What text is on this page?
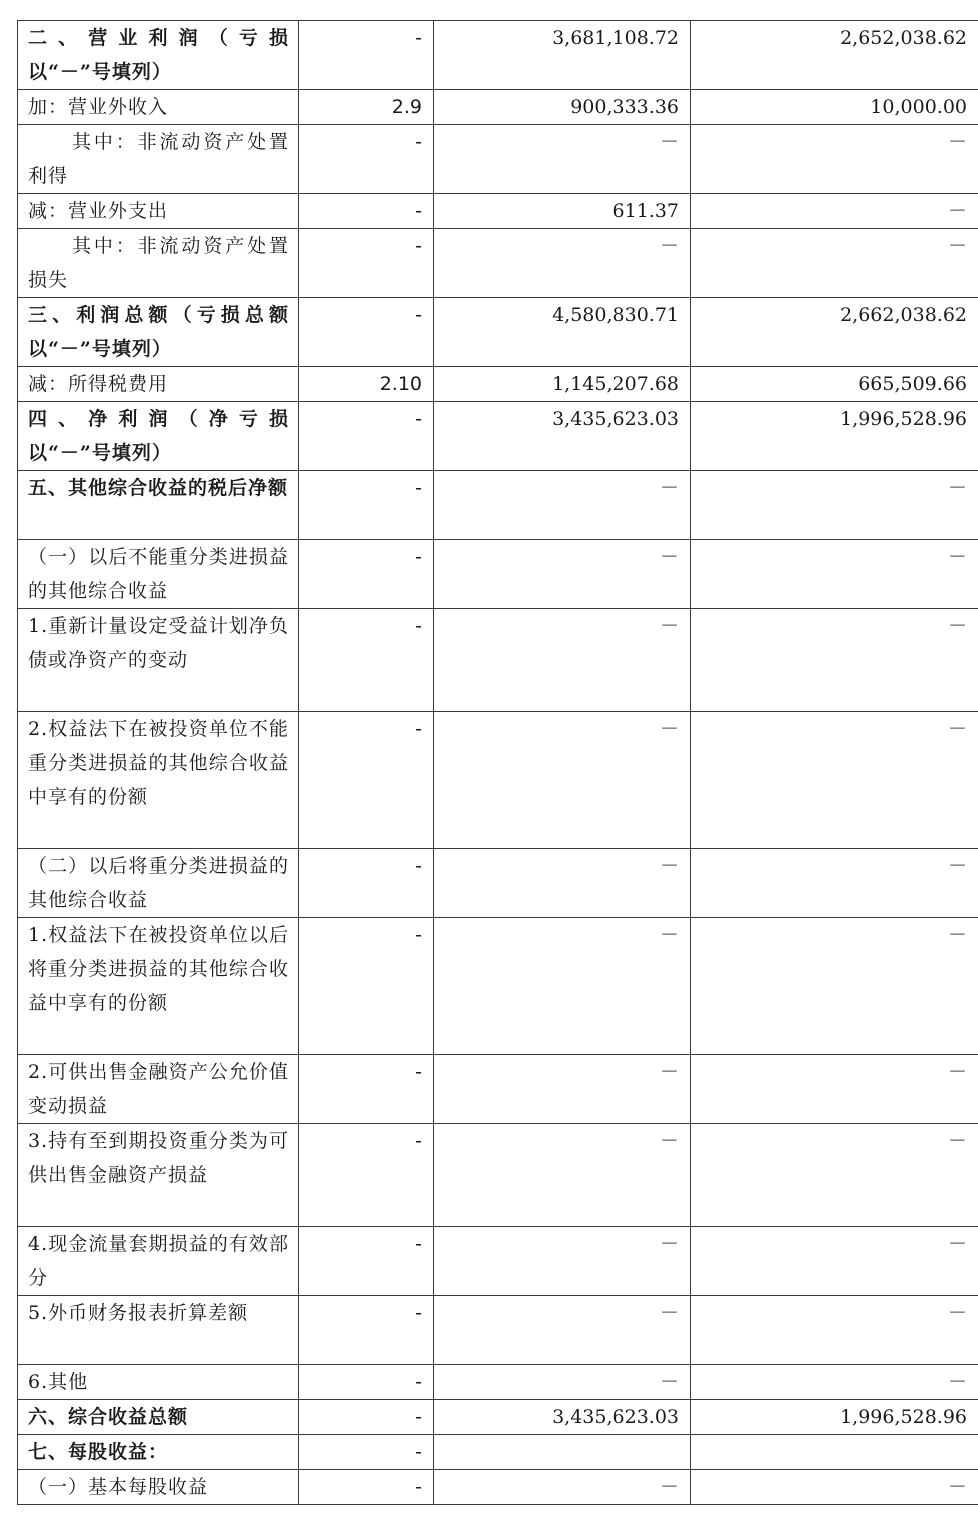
二、营业利润（亏损以“－”号填列）	-	3,681,108.72	2,652,038.62
加：营业外收入	2.9	900,333.36	10,000.00
其中：非流动资产处置利得	-	－	－
减：营业外支出	-	611.37	－
其中：非流动资产处置损失	-	－	－
三、利润总额（亏损总额以“－”号填列）	-	4,580,830.71	2,662,038.62
减：所得税费用	2.10	1,145,207.68	665,509.66
四、净利润（净亏损以“－”号填列）	-	3,435,623.03	1,996,528.96
五、其他综合收益的税后净额	-	－	－
（一）以后不能重分类进损益的其他综合收益	-	－	－
1.重新计量设定受益计划净负债或净资产的变动	-	－	－
2.权益法下在被投资单位不能重分类进损益的其他综合收益中享有的份额	-	－	－
（二）以后将重分类进损益的其他综合收益	-	－	－
1.权益法下在被投资单位以后将重分类进损益的其他综合收益中享有的份额	-	－	－
2.可供出售金融资产公允价值变动损益	-	－	－
3.持有至到期投资重分类为可供出售金融资产损益	-	－	－
4.现金流量套期损益的有效部分	-	－	－
5.外币财务报表折算差额	-	－	－
6.其他	-	－	－
六、综合收益总额	-	3,435,623.03	1,996,528.96
七、每股收益：	-		
（一）基本每股收益	-	－	－
